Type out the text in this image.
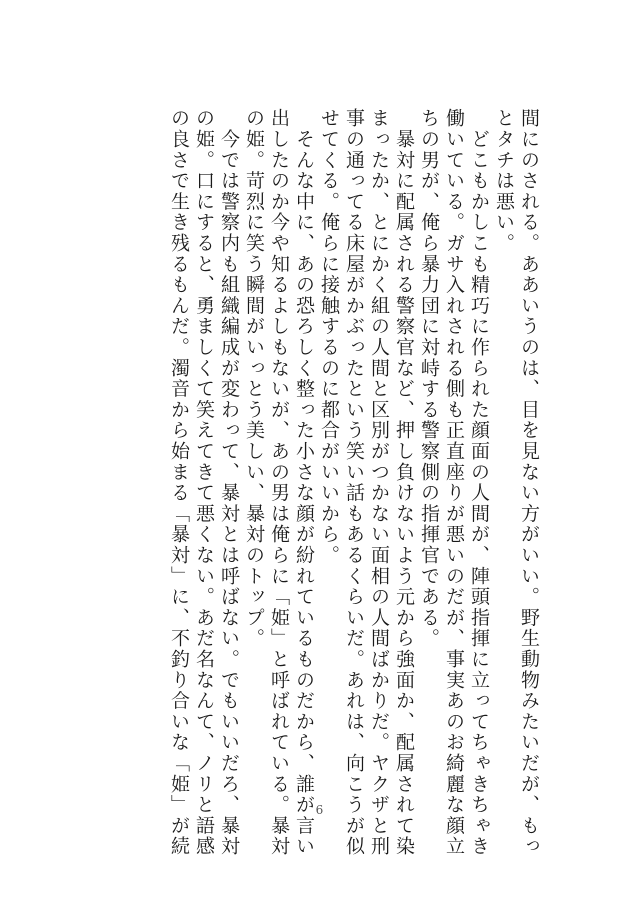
間にのされる。ああいうのは、目を見ない方がいい。野生動物みたいだが、もっ
とタチは悪い。
　どこもかしこも精巧に作られた顔面の人間が、陣頭指揮に立ってちゃきちゃき
働いている。ガサ入れされる側も正直座りが悪いのだが、事実あのお綺麗な顔立
ちの男が、俺ら暴力団に対峙する警察側の指揮官である。
　暴対に配属される警察官など、押し負けないよう元から強面か、配属されて染
まったか、とにかく組の人間と区別がつかない面相の人間ばかりだ。ヤクザと刑
事の通ってる床屋がかぶったという笑い話もあるくらいだ。あれは、向こうが似
せてくる。俺らに接触するのに都合がいいから。
　そんな中に、あの恐ろしく整った小さな顔が紛れているものだから、誰が言い
出したのか今や知るよしもないが、あの男は俺らに「姫」と呼ばれている。暴対
の姫。苛烈に笑う瞬間がいっとう美しい、暴対のトップ。
　今では警察内も組織編成が変わって、暴対とは呼ばない。でもいいだろ、暴対
の姫。口にすると、勇ましくて笑えてきて悪くない。あだ名なんて、ノリと語感
の良さで生き残るもんだ。濁音から始まる「暴対」に、不釣り合いな「姫」が続	6
